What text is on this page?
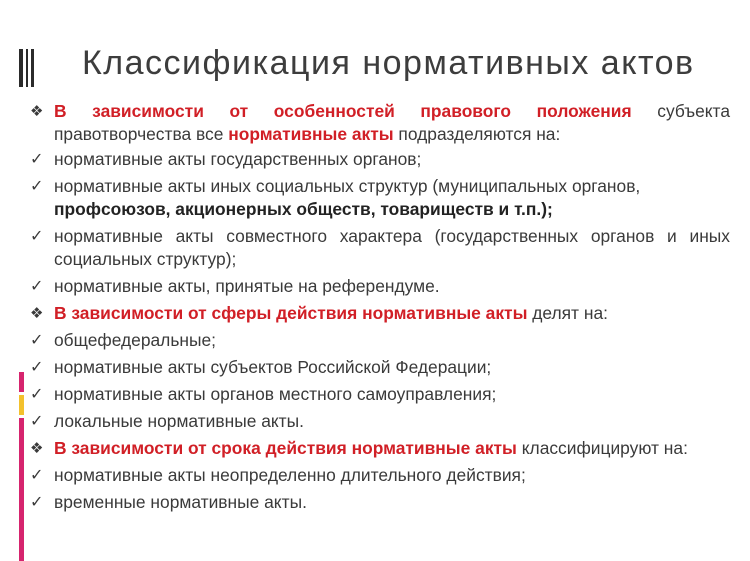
Классификация нормативных актов
❖ В зависимости от особенностей правового положения субъекта правотворчества все нормативные акты подразделяются на:
✓ нормативные акты государственных органов;
✓ нормативные акты иных социальных структур (муниципальных органов,
профсоюзов, акционерных обществ, товариществ и т.п.);
✓ нормативные акты совместного характера (государственных органов и иных социальных структур);
✓ нормативные акты, принятые на референдуме.
❖ В зависимости от сферы действия нормативные акты делят на:
✓ общефедеральные;
✓ нормативные акты субъектов Российской Федерации;
✓ нормативные акты органов местного самоуправления;
✓ локальные нормативные акты.
❖ В зависимости от срока действия нормативные акты классифицируют на:
✓ нормативные акты неопределенно длительного действия;
✓ временные нормативные акты.
